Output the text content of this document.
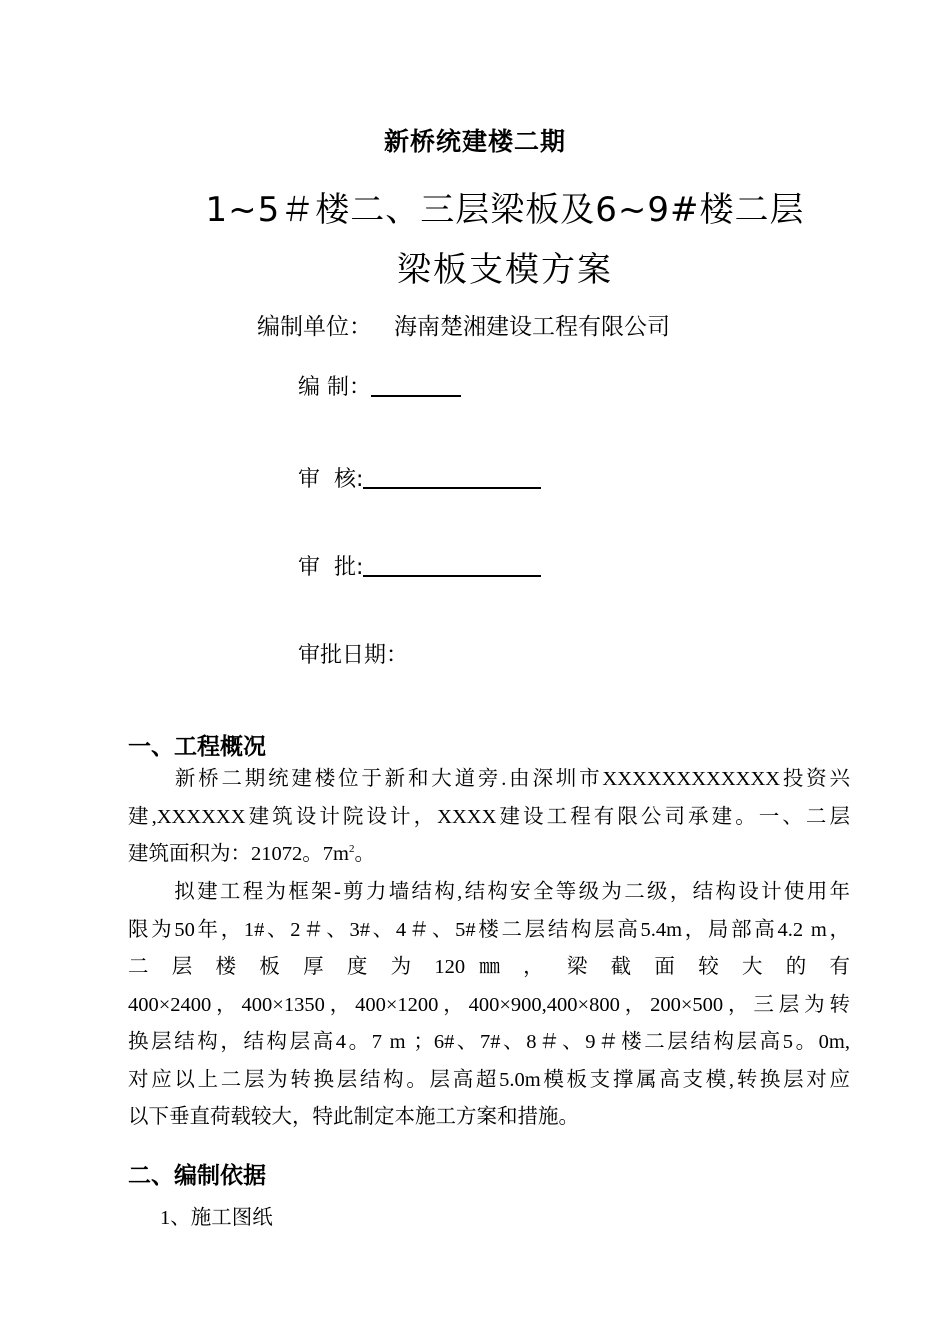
新桥统建楼二期
1~5＃楼二、三层梁板及6~9#楼二层
梁板支模方案
编制单位： 海南楚湘建设工程有限公司
编 制：
审  核:
审  批:
审批日期：
一、工程概况
新桥二期统建楼位于新和大道旁.由深圳市XXXXXXXXXXXX投资兴
建,XXXXXX建筑设计院设计，XXXX建设工程有限公司承建。一、二层
建筑面积为：21072。$7m^2$。
拟建工程为框架-剪力墙结构,结构安全等级为二级，结构设计使用年
限为50年，1#、2＃、3#、4＃、5#楼二层结构层高5.4m，局部高4.2 m，
二 层 楼 板 厚 度 为 120 ㎜ ， 梁 截 面 较 大 的 有
400×2400，400×1350，400×1200，400×900,400×800，200×500，三层为转
换层结构，结构层高4。7 m ；6#、7#、8＃、9＃楼二层结构层高5。0m,
对应以上二层为转换层结构。层高超5.0m模板支撑属高支模,转换层对应
以下垂直荷载较大，特此制定本施工方案和措施。
二、编制依据
1、施工图纸
